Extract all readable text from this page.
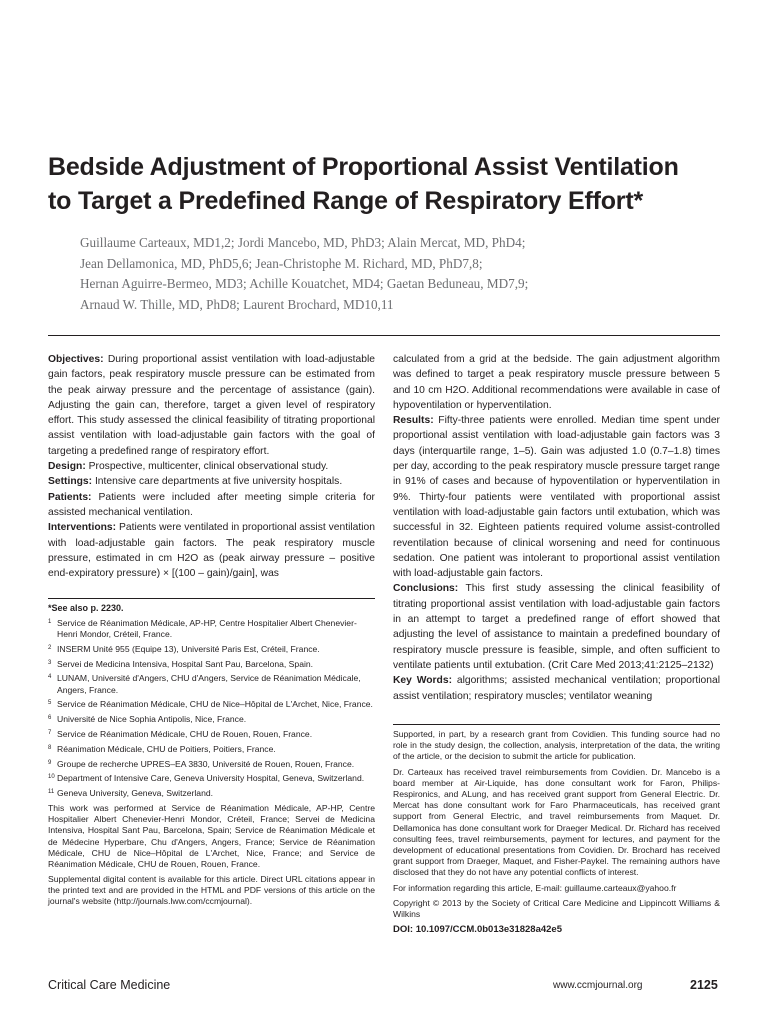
Bedside Adjustment of Proportional Assist Ventilation
to Target a Predefined Range of Respiratory Effort*
Guillaume Carteaux, MD1,2; Jordi Mancebo, MD, PhD3; Alain Mercat, MD, PhD4;
Jean Dellamonica, MD, PhD5,6; Jean-Christophe M. Richard, MD, PhD7,8;
Hernan Aguirre-Bermeo, MD3; Achille Kouatchet, MD4; Gaetan Beduneau, MD7,9;
Arnaud W. Thille, MD, PhD8; Laurent Brochard, MD10,11
Objectives: During proportional assist ventilation with load-adjustable gain factors, peak respiratory muscle pressure can be estimated from the peak airway pressure and the percentage of assistance (gain). Adjusting the gain can, therefore, target a given level of respiratory effort. This study assessed the clinical feasibility of titrating proportional assist ventilation with load-adjustable gain factors with the goal of targeting a predefined range of respiratory effort.
Design: Prospective, multicenter, clinical observational study.
Settings: Intensive care departments at five university hospitals.
Patients: Patients were included after meeting simple criteria for assisted mechanical ventilation.
Interventions: Patients were ventilated in proportional assist ventilation with load-adjustable gain factors. The peak respiratory muscle pressure, estimated in cm H2O as (peak airway pressure – positive end-expiratory pressure) × [(100 – gain)/gain], was
*See also p. 2230.
1 Service de Réanimation Médicale, AP-HP, Centre Hospitalier Albert Chenevier-Henri Mondor, Créteil, France.
2 INSERM Unité 955 (Equipe 13), Université Paris Est, Créteil, France.
3 Servei de Medicina Intensiva, Hospital Sant Pau, Barcelona, Spain.
4 LUNAM, Université d'Angers, CHU d'Angers, Service de Réanimation Médicale, Angers, France.
5 Service de Réanimation Médicale, CHU de Nice–Hôpital de L'Archet, Nice, France.
6 Université de Nice Sophia Antipolis, Nice, France.
7 Service de Réanimation Médicale, CHU de Rouen, Rouen, France.
8 Réanimation Médicale, CHU de Poitiers, Poitiers, France.
9 Groupe de recherche UPRES–EA 3830, Université de Rouen, Rouen, France.
10 Department of Intensive Care, Geneva University Hospital, Geneva, Switzerland.
11 Geneva University, Geneva, Switzerland.
This work was performed at Service de Réanimation Médicale, AP-HP, Centre Hospitalier Albert Chenevier-Henri Mondor, Créteil, France; Servei de Medicina Intensiva, Hospital Sant Pau, Barcelona, Spain; Service de Réanimation Médicale et de Médecine Hyperbare, Chu d'Angers, Angers, France; Service de Réanimation Médicale, CHU de Nice–Hôpital de L'Archet, Nice, France; and Service de Réanimation Médicale, CHU de Rouen, Rouen, France.
Supplemental digital content is available for this article. Direct URL citations appear in the printed text and are provided in the HTML and PDF versions of this article on the journal's website (http://journals.lww.com/ccmjournal).
calculated from a grid at the bedside. The gain adjustment algorithm was defined to target a peak respiratory muscle pressure between 5 and 10 cm H2O. Additional recommendations were available in case of hypoventilation or hyperventilation.
Results: Fifty-three patients were enrolled. Median time spent under proportional assist ventilation with load-adjustable gain factors was 3 days (interquartile range, 1–5). Gain was adjusted 1.0 (0.7–1.8) times per day, according to the peak respiratory muscle pressure target range in 91% of cases and because of hypoventilation or hyperventilation in 9%. Thirty-four patients were ventilated with proportional assist ventilation with load-adjustable gain factors until extubation, which was successful in 32. Eighteen patients required volume assist-controlled reventilation because of clinical worsening and need for continuous sedation. One patient was intolerant to proportional assist ventilation with load-adjustable gain factors.
Conclusions: This first study assessing the clinical feasibility of titrating proportional assist ventilation with load-adjustable gain factors in an attempt to target a predefined range of effort showed that adjusting the level of assistance to maintain a predefined boundary of respiratory muscle pressure is feasible, simple, and often sufficient to ventilate patients until extubation. (Crit Care Med 2013;41:2125–2132)
Key Words: algorithms; assisted mechanical ventilation; proportional assist ventilation; respiratory muscles; ventilator weaning
Supported, in part, by a research grant from Covidien. This funding source had no role in the study design, the collection, analysis, interpretation of the data, the writing of the article, or the decision to submit the article for publication.
Dr. Carteaux has received travel reimbursements from Covidien. Dr. Mancebo is a board member at Air-Liquide, has done consultant work for Faron, Philips-Respironics, and ALung, and has received grant support from General Electric. Dr. Mercat has done consultant work for Faro Pharmaceuticals, has received grant support from General Electric, and travel reimbursements from Maquet. Dr. Dellamonica has done consultant work for Draeger Medical. Dr. Richard has received consulting fees, travel reimbursements, payment for lectures, and payment for the development of educational presentations from Covidien. Dr. Brochard has received grant support from Draeger, Maquet, and Fisher-Paykel. The remaining authors have disclosed that they do not have any potential conflicts of interest.
For information regarding this article, E-mail: guillaume.carteaux@yahoo.fr
Copyright © 2013 by the Society of Critical Care Medicine and Lippincott Williams & Wilkins
DOI: 10.1097/CCM.0b013e31828a42e5
Critical Care Medicine	www.ccmjournal.org	2125
